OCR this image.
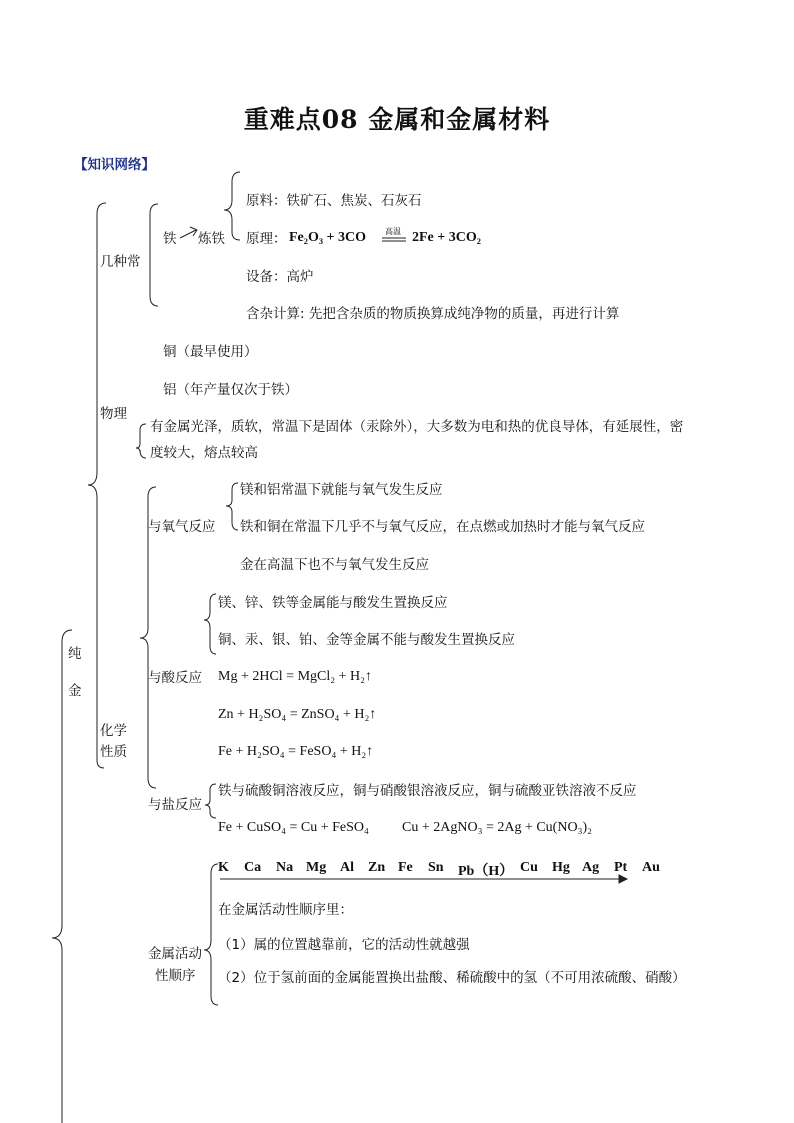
重难点08 金属和金属材料
【知识网络】
纯
金
几种常
物理
化学
性质
金属活动
性顺序
铁 炼铁
原料：铁矿石、焦炭、石灰石
原理： Fe₂O₃ + 3CO 高温 2Fe + 3CO₂
设备：高炉
含杂计算: 先把含杂质的物质换算成纯净物的质量，再进行计算
铜（最早使用）
铝（年产量仅次于铁）
有金属光泽，质软，常温下是固体（汞除外），大多数为电和热的优良导体，有延展性，密
度较大，熔点较高
与氧气反应
镁和铝常温下就能与氧气发生反应
铁和铜在常温下几乎不与氧气反应，在点燃或加热时才能与氧气反应
金在高温下也不与氧气发生反应
与酸反应
镁、锌、铁等金属能与酸发生置换反应
铜、汞、银、铂、金等金属不能与酸发生置换反应
Mg + 2HCl = MgCl₂ + H₂↑
Zn + H₂SO₄ = ZnSO₄ + H₂↑
Fe + H₂SO₄ = FeSO₄ + H₂↑
与盐反应
铁与硫酸铜溶液反应，铜与硝酸银溶液反应，铜与硫酸亚铁溶液不反应
Fe + CuSO₄ = Cu + FeSO₄ Cu + 2AgNO₃ = 2Ag + Cu(NO₃)₂
K Ca Na Mg Al Zn Fe Sn Pb（H） Cu Hg Ag Pt Au
在金属活动性顺序里：
（1）属的位置越靠前，它的活动性就越强
（2）位于氢前面的金属能置换出盐酸、稀硫酸中的氢（不可用浓硫酸、硝酸）
